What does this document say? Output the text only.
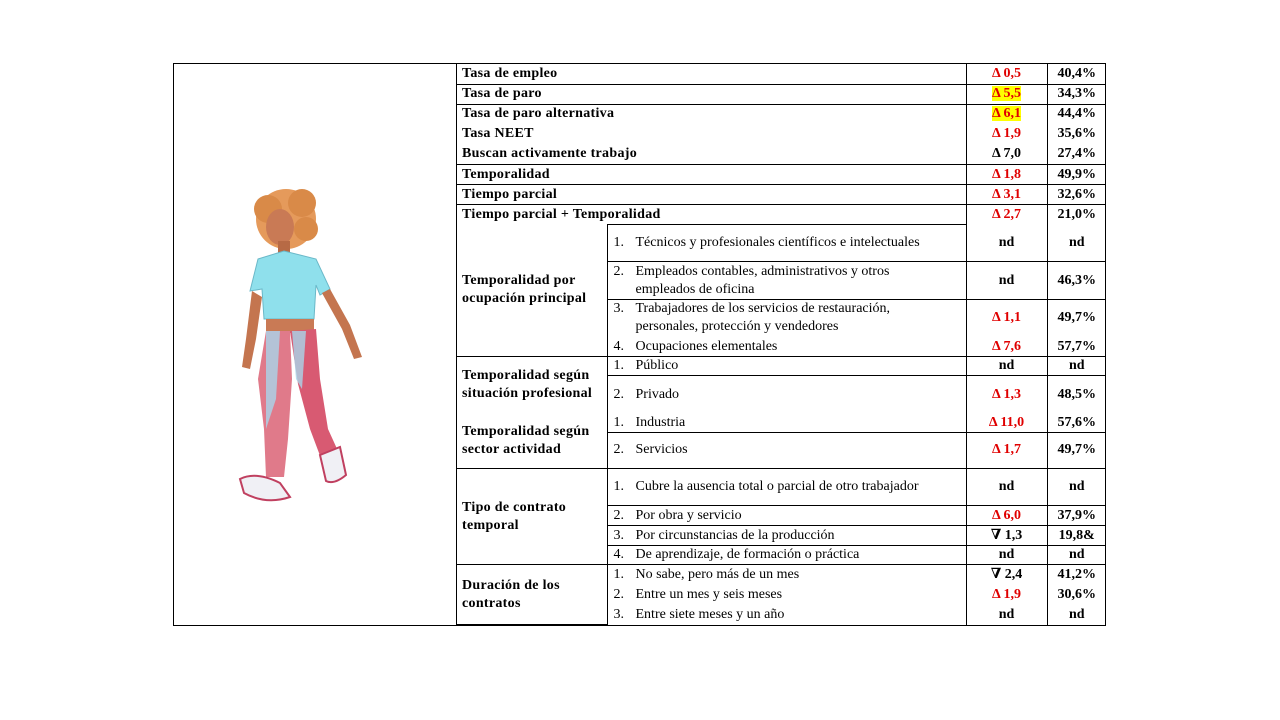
Tasa de empleo		Δ 0,5	40,4%
Tasa de paro		Δ 5,5	34,3%
Tasa de paro alternativa		Δ 6,1	44,4%
Tasa NEET		Δ 1,9	35,6%
Buscan activamente trabajo		Δ 7,0	27,4%
Temporalidad		Δ 1,8	49,9%
Tiempo parcial		Δ 3,1	32,6%
Tiempo parcial + Temporalidad		Δ 2,7	21,0%
Temporalidad por ocupación principal	1. Técnicos y profesionales científicos e intelectuales	nd	nd
	2. Empleados contables, administrativos y otros empleados de oficina	nd	46,3%
	3. Trabajadores de los servicios de restauración, personales, protección y vendedores	Δ 1,1	49,7%
	4. Ocupaciones elementales	Δ 7,6	57,7%
Temporalidad según situación profesional	1. Público	nd	nd
	2. Privado	Δ 1,3	48,5%
Temporalidad según sector actividad	1. Industria	Δ 11,0	57,6%
	2. Servicios	Δ 1,7	49,7%
Tipo de contrato temporal	1. Cubre la ausencia total o parcial de otro trabajador	nd	nd
	2. Por obra y servicio	Δ 6,0	37,9%
	3. Por circunstancias de la producción	∇ 1,3	19,8&
	4. De aprendizaje, de formación o práctica	nd	nd
Duración de los contratos	1. No sabe, pero más de un mes	∇ 2,4	41,2%
	2. Entre un mes y seis meses	Δ 1,9	30,6%
	3. Entre siete meses y un año	nd	nd
